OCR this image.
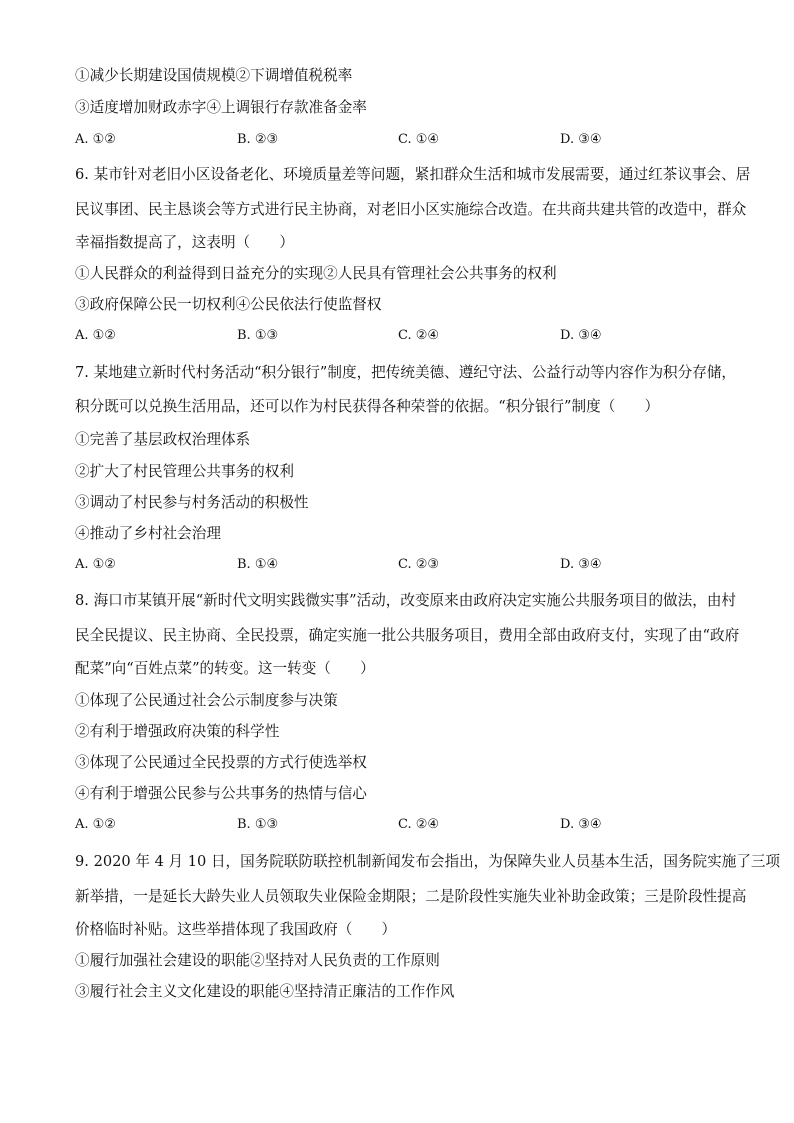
①减少长期建设国债规模②下调增值税税率
③适度增加财政赤字④上调银行存款准备金率
A. ①②	B. ②③	C. ①④	D. ③④
6. 某市针对老旧小区设备老化、环境质量差等问题，紧扣群众生活和城市发展需要，通过红茶议事会、居
民议事团、民主恳谈会等方式进行民主协商，对老旧小区实施综合改造。在共商共建共管的改造中，群众
幸福指数提高了，这表明（　　）
①人民群众的利益得到日益充分的实现②人民具有管理社会公共事务的权利
③政府保障公民一切权利④公民依法行使监督权
A. ①②	B. ①③	C. ②④	D. ③④
7. 某地建立新时代村务活动“积分银行”制度，把传统美德、遵纪守法、公益行动等内容作为积分存储，
积分既可以兑换生活用品，还可以作为村民获得各种荣誉的依据。“积分银行”制度（　　）
①完善了基层政权治理体系
②扩大了村民管理公共事务的权利
③调动了村民参与村务活动的积极性
④推动了乡村社会治理
A. ①②	B. ①④	C. ②③	D. ③④
8. 海口市某镇开展“新时代文明实践微实事”活动，改变原来由政府决定实施公共服务项目的做法，由村
民全民提议、民主协商、全民投票，确定实施一批公共服务项目，费用全部由政府支付，实现了由“政府
配菜”向“百姓点菜”的转变。这一转变（　　）
①体现了公民通过社会公示制度参与决策
②有利于增强政府决策的科学性
③体现了公民通过全民投票的方式行使选举权
④有利于增强公民参与公共事务的热情与信心
A. ①②	B. ①③	C. ②④	D. ③④
9. 2020 年 4 月 10 日，国务院联防联控机制新闻发布会指出，为保障失业人员基本生活，国务院实施了三项
新举措，一是延长大龄失业人员领取失业保险金期限；二是阶段性实施失业补助金政策；三是阶段性提高
价格临时补贴。这些举措体现了我国政府（　　）
①履行加强社会建设的职能②坚持对人民负责的工作原则
③履行社会主义文化建设的职能④坚持清正廉洁的工作作风
